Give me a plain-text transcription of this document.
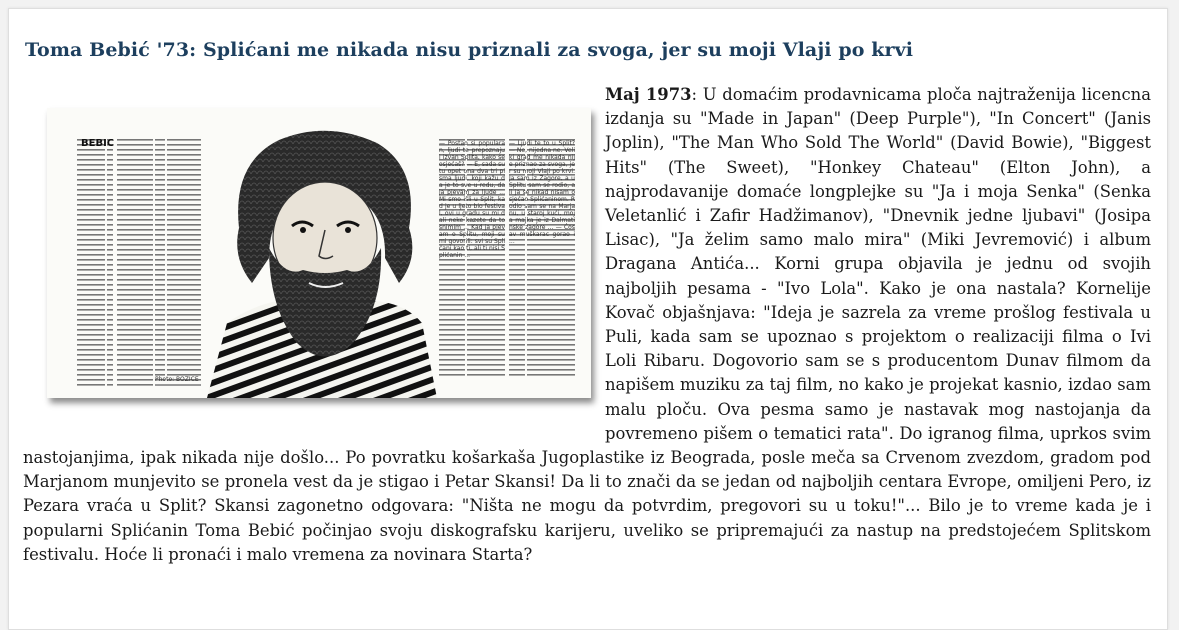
Toma Bebić '73: Splićani me nikada nisu priznali za svoga, jer su moji Vlaji po krvi
BEBIC	— Postao si popularan, ljudi te prepoznaju i izvan Splita, kako se osjećaš? — E, sada su tu opet ona dva tri pisma ljudi, koji kažu da je to sve u redu, da ja pjevam za ljude ... Mi smo išli u Split, kad je u ljeto bio festival, ovi u gradu su mi dali neke kazete da to snimim ... Kad ja pjevam o Splitu, moji su mi govorili: svi su Splićani kao ti, ali ti nisi Splićanin ...
— Ljudi te to u Split? — Ne, nijedna ne. Veliki grad me nikada nije priznao za svoga, jer su moji Vlaji po krvi. Ja sam iz Zagore, a u Splitu sam se rodio, ali ja se nikad nisam osjećao Splićaninom. Rodio sam se na Marjanu, u staroj kući, moja majka je iz Dalmatinske zagore ... — Ćosav muškarac gorao i ...
Photo: BOŽIĆE

Maj 1973: U domaćim prodavnicama ploča najtraženija licencna izdanja su "Made in Japan" (Deep Purple"), "In Concert" (Janis Joplin), "The Man Who Sold The World" (David Bowie), "Biggest Hits" (The Sweet), "Honkey Chateau" (Elton John), a najprodavanije domaće longplejke su "Ja i moja Senka" (Senka Veletanlić i Zafir Hadžimanov), "Dnevnik jedne ljubavi" (Josipa Lisac), "Ja želim samo malo mira" (Miki Jevremović) i album Dragana Antića... Korni grupa objavila je jednu od svojih najboljih pesama - "Ivo Lola". Kako je ona nastala? Kornelije Kovač objašnjava: "Ideja je sazrela za vreme prošlog festivala u Puli, kada sam se upoznao s projektom o realizaciji filma o Ivi Loli Ribaru. Dogovorio sam se s producentom Dunav filmom da napišem muziku za taj film, no kako je projekat kasnio, izdao sam malu ploču. Ova pesma samo je nastavak mog nastojanja da povremeno pišem o tematici rata". Do igranog filma, uprkos svim nastojanjima, ipak nikada nije došlo... Po povratku košarkaša Jugoplastike iz Beograda, posle meča sa Crvenom zvezdom, gradom pod Marjanom munjevito se pronela vest da je stigao i Petar Skansi! Da li to znači da se jedan od najboljih centara Evrope, omiljeni Pero, iz Pezara vraća u Split? Skansi zagonetno odgovara: "Ništa ne mogu da potvrdim, pregovori su u toku!"... Bilo je to vreme kada je i popularni Splićanin Toma Bebić počinjao svoju diskografsku karijeru, uveliko se pripremajući za nastup na predstojećem Splitskom festivalu. Hoće li pronaći i malo vremena za novinara Starta?
